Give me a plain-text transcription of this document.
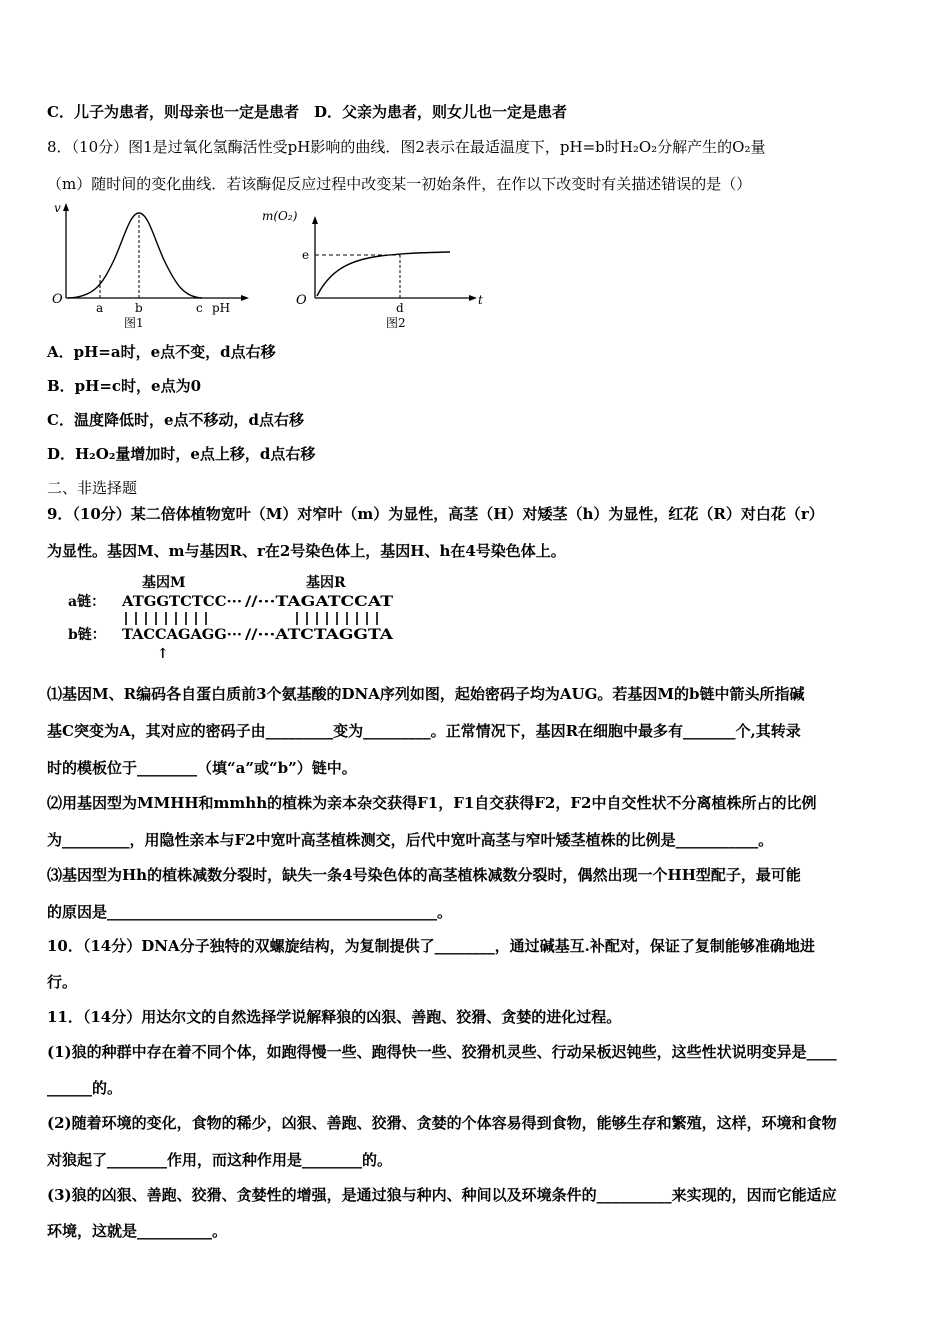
C．儿子为患者，则母亲也一定是患者　D．父亲为患者，则女儿也一定是患者
8．（10分）图1是过氧化氢酶活性受pH影响的曲线．图2表示在最适温度下，pH=b时H₂O₂分解产生的O₂量
（m）随时间的变化曲线．若该酶促反应过程中改变某一初始条件，在作以下改变时有关描述错误的是（）
v
O
a	b	c pH
图1
m(O₂)
e
O	d
t
图2
A．pH=a时，e点不变，d点右移
B．pH=c时，e点为0
C．温度降低时，e点不移动，d点右移
D．H₂O₂量增加时，e点上移，d点右移
二、非选择题
9．（10分）某二倍体植物宽叶（M）对窄叶（m）为显性，高茎（H）对矮茎（h）为显性，红花（R）对白花（r）
为显性。基因M、m与基因R、r在2号染色体上，基因H、h在4号染色体上。
基因M	基因R
a链： ATGGTCTCC··· //···TAGATCCAT
b链： TACCAGAGG··· //···ATCTAGGTA
↑
⑴基因M、R编码各自蛋白质前3个氨基酸的DNA序列如图，起始密码子均为AUG。若基因M的b链中箭头所指碱
基C突变为A，其对应的密码子由_________变为_________。正常情况下，基因R在细胞中最多有_______个,其转录
时的模板位于________（填“a”或“b”）链中。
⑵用基因型为MMHH和mmhh的植株为亲本杂交获得F1，F1自交获得F2，F2中自交性状不分离植株所占的比例
为_________，用隐性亲本与F2中宽叶高茎植株测交，后代中宽叶高茎与窄叶矮茎植株的比例是___________。
⑶基因型为Hh的植株减数分裂时，缺失一条4号染色体的高茎植株减数分裂时，偶然出现一个HH型配子，最可能
的原因是____________________________________________。
10．（14分）DNA分子独特的双螺旋结构，为复制提供了________，通过碱基互.补配对，保证了复制能够准确地进
行。
11．（14分）用达尔文的自然选择学说解释狼的凶狠、善跑、狡猾、贪婪的进化过程。
(1)狼的种群中存在着不同个体，如跑得慢一些、跑得快一些、狡猾机灵些、行动呆板迟钝些，这些性状说明变异是____
______的。
(2)随着环境的变化，食物的稀少，凶狠、善跑、狡猾、贪婪的个体容易得到食物，能够生存和繁殖，这样，环境和食物
对狼起了________作用，而这种作用是________的。
(3)狼的凶狠、善跑、狡猾、贪婪性的增强，是通过狼与种内、种间以及环境条件的__________来实现的，因而它能适应
环境，这就是__________。
